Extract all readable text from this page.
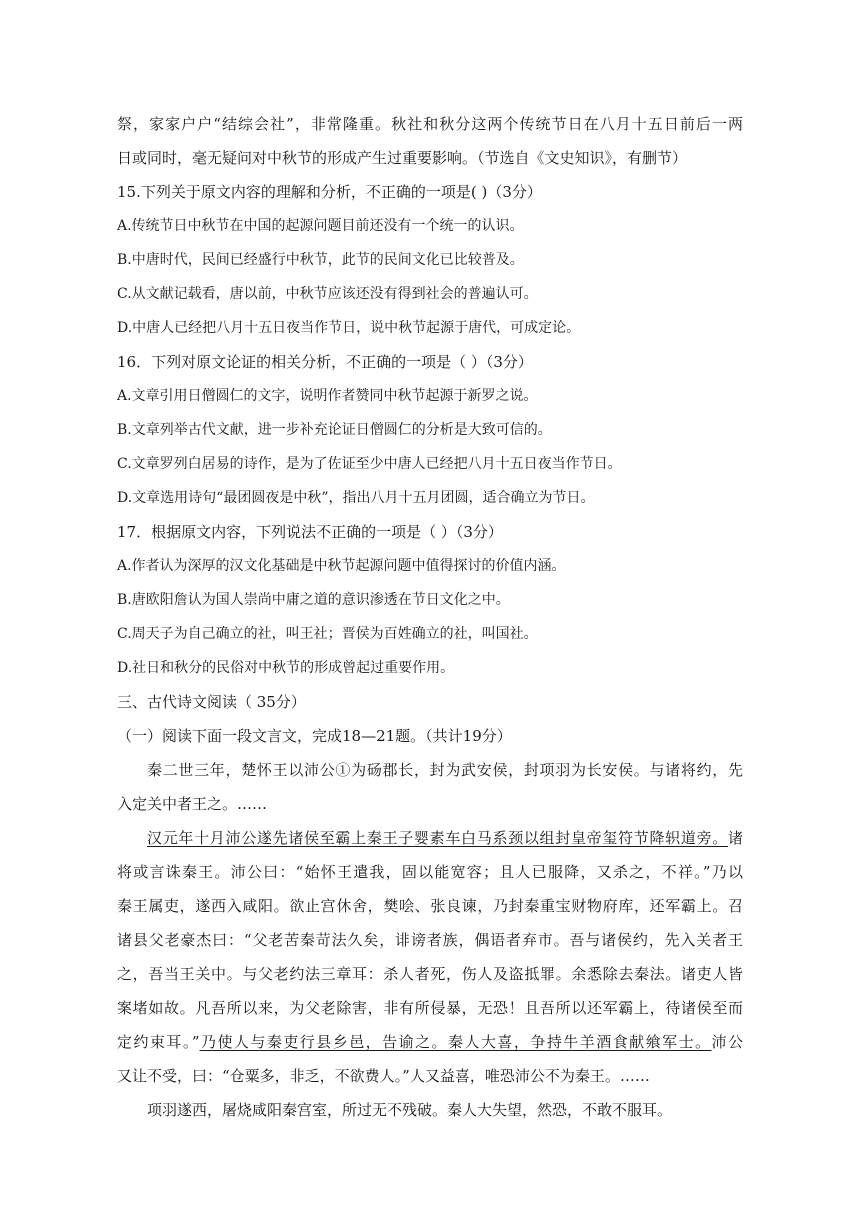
祭，家家户户“结综会社”，非常隆重。秋社和秋分这两个传统节日在八月十五日前后一两
日或同时，毫无疑问对中秋节的形成产生过重要影响。（节选自《文史知识》，有删节）
15.下列关于原文内容的理解和分析，不正确的一项是( )（3分）
A.传统节日中秋节在中国的起源问题目前还没有一个统一的认识。
B.中唐时代，民间已经盛行中秋节，此节的民间文化已比较普及。
C.从文献记载看，唐以前，中秋节应该还没有得到社会的普遍认可。
D.中唐人已经把八月十五日夜当作节日，说中秋节起源于唐代，可成定论。
16．下列对原文论证的相关分析，不正确的一项是（ ）（3分）
A.文章引用日僧圆仁的文字，说明作者赞同中秋节起源于新罗之说。
B.文章列举古代文献，进一步补充论证日僧圆仁的分析是大致可信的。
C.文章罗列白居易的诗作，是为了佐证至少中唐人已经把八月十五日夜当作节日。
D.文章选用诗句“最团圆夜是中秋”，指出八月十五月团圆，适合确立为节日。
17．根据原文内容，下列说法不正确的一项是（ ）（3分）
A.作者认为深厚的汉文化基础是中秋节起源问题中值得探讨的价值内涵。
B.唐欧阳詹认为国人崇尚中庸之道的意识渗透在节日文化之中。
C.周天子为自己确立的社，叫王社；晋侯为百姓确立的社，叫国社。
D.社日和秋分的民俗对中秋节的形成曾起过重要作用。
三、古代诗文阅读（ 35分）
（一）阅读下面一段文言文，完成18—21题。（共计19分）
秦二世三年，楚怀王以沛公①为砀郡长，封为武安侯，封项羽为长安侯。与诸将约，先
入定关中者王之。……
汉元年十月沛公遂先诸侯至霸上秦王子婴素车白马系颈以组封皇帝玺符节降轵道旁。诸
将或言诛秦王。沛公曰：“始怀王遣我，固以能宽容；且人已服降，又杀之，不祥。”乃以
秦王属吏，遂西入咸阳。欲止宫休舍，樊哙、张良谏，乃封秦重宝财物府库，还军霸上。召
诸县父老豪杰曰：“父老苦秦苛法久矣，诽谤者族，偶语者弃市。吾与诸侯约，先入关者王
之，吾当王关中。与父老约法三章耳：杀人者死，伤人及盗抵罪。余悉除去秦法。诸吏人皆
案堵如故。凡吾所以来，为父老除害，非有所侵暴，无恐！且吾所以还军霸上，待诸侯至而
定约束耳。”乃使人与秦吏行县乡邑，告谕之。秦人大喜，争持牛羊酒食献飨军士。沛公
又让不受，曰：“仓粟多，非乏，不欲费人。”人又益喜，唯恐沛公不为秦王。……
项羽遂西，屠烧咸阳秦宫室，所过无不残破。秦人大失望，然恐，不敢不服耳。
